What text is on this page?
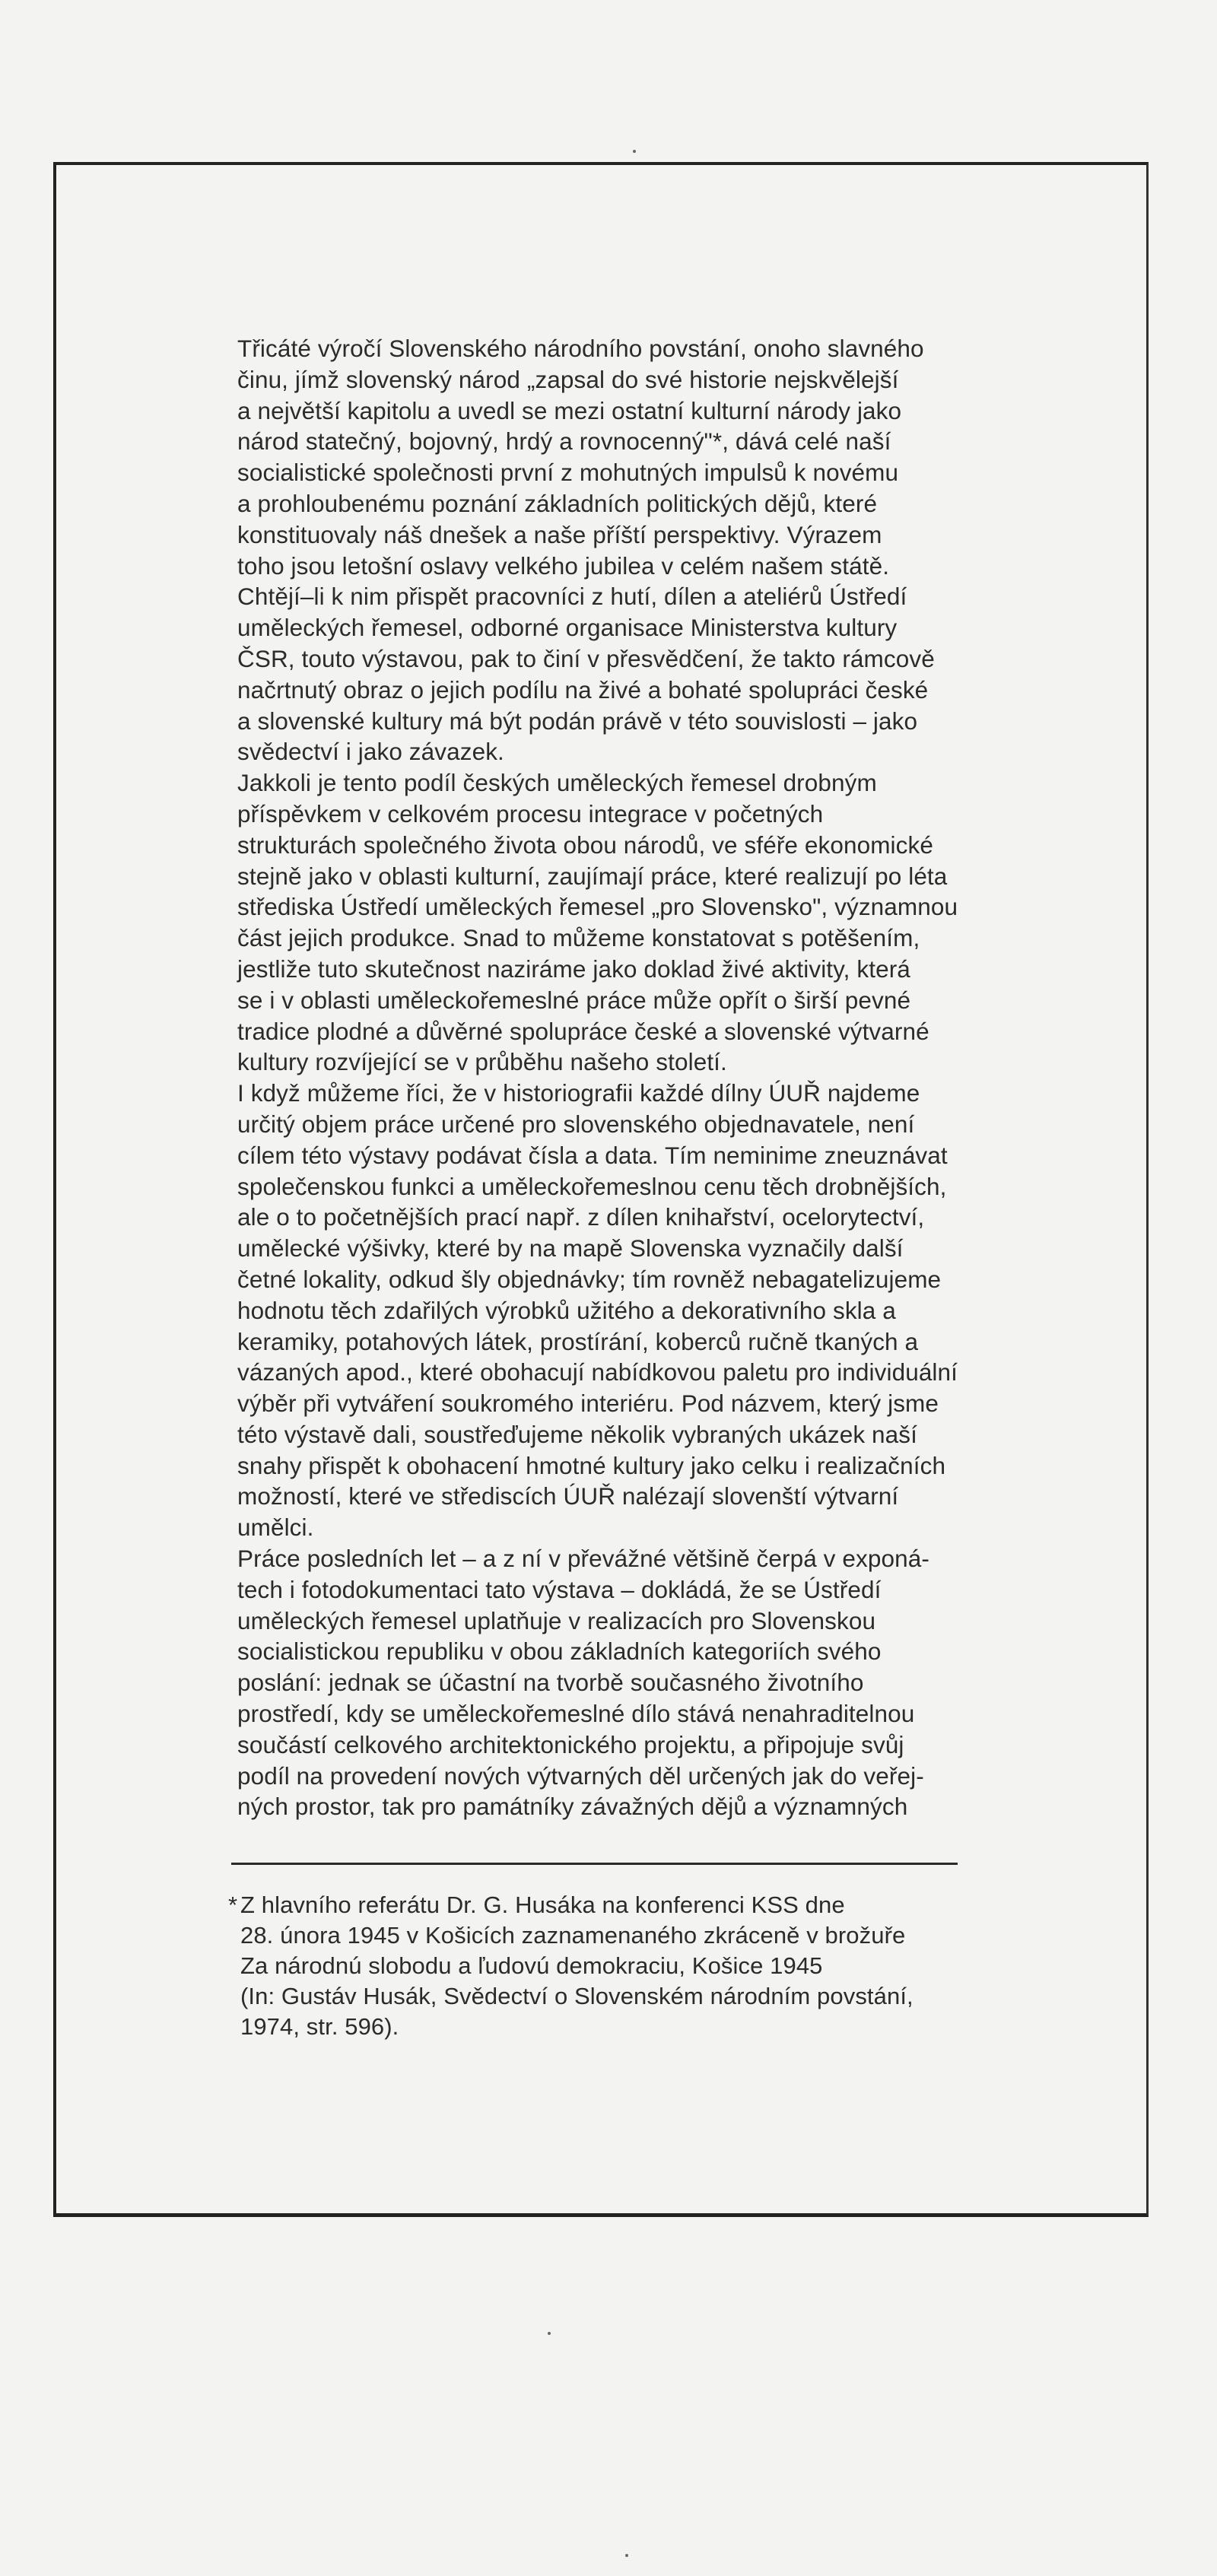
Třicáté výročí Slovenského národního povstání, onoho slavného
činu, jímž slovenský národ „zapsal do své historie nejskvělejší
a největší kapitolu a uvedl se mezi ostatní kulturní národy jako
národ statečný, bojovný, hrdý a rovnocenný"*, dává celé naší
socialistické společnosti první z mohutných impulsů k novému
a prohloubenému poznání základních politických dějů, které
konstituovaly náš dnešek a naše příští perspektivy. Výrazem
toho jsou letošní oslavy velkého jubilea v celém našem státě.
Chtějí–li k nim přispět pracovníci z hutí, dílen a ateliérů Ústředí
uměleckých řemesel, odborné organisace Ministerstva kultury
ČSR, touto výstavou, pak to činí v přesvědčení, že takto rámcově
načrtnutý obraz o jejich podílu na živé a bohaté spolupráci české
a slovenské kultury má být podán právě v této souvislosti – jako
svědectví i jako závazek.
Jakkoli je tento podíl českých uměleckých řemesel drobným
příspěvkem v celkovém procesu integrace v početných
strukturách společného života obou národů, ve sféře ekonomické
stejně jako v oblasti kulturní, zaujímají práce, které realizují po léta
střediska Ústředí uměleckých řemesel „pro Slovensko", významnou
část jejich produkce. Snad to můžeme konstatovat s potěšením,
jestliže tuto skutečnost naziráme jako doklad živé aktivity, která
se i v oblasti uměleckořemeslné práce může opřít o širší pevné
tradice plodné a důvěrné spolupráce české a slovenské výtvarné
kultury rozvíjející se v průběhu našeho století.
I když můžeme říci, že v historiografii každé dílny ÚUŘ najdeme
určitý objem práce určené pro slovenského objednavatele, není
cílem této výstavy podávat čísla a data. Tím neminime zneuznávat
společenskou funkci a uměleckořemeslnou cenu těch drobnějších,
ale o to početnějších prací např. z dílen knihařství, ocelorytectví,
umělecké výšivky, které by na mapě Slovenska vyznačily další
četné lokality, odkud šly objednávky; tím rovněž nebagatelizujeme
hodnotu těch zdařilých výrobků užitého a dekorativního skla a
keramiky, potahových látek, prostírání, koberců ručně tkaných a
vázaných apod., které obohacují nabídkovou paletu pro individuální
výběr při vytváření soukromého interiéru. Pod názvem, který jsme
této výstavě dali, soustřeďujeme několik vybraných ukázek naší
snahy přispět k obohacení hmotné kultury jako celku i realizačních
možností, které ve střediscích ÚUŘ nalézají slovenští výtvarní
umělci.
Práce posledních let – a z ní v převážné většině čerpá v exponá-
tech i fotodokumentaci tato výstava – dokládá, že se Ústředí
uměleckých řemesel uplatňuje v realizacích pro Slovenskou
socialistickou republiku v obou základních kategoriích svého
poslání: jednak se účastní na tvorbě současného životního
prostředí, kdy se uměleckořemeslné dílo stává nenahraditelnou
součástí celkového architektonického projektu, a připojuje svůj
podíl na provedení nových výtvarných děl určených jak do veřej-
ných prostor, tak pro památníky závažných dějů a významných
* Z hlavního referátu Dr. G. Husáka na konferenci KSS dne
28. února 1945 v Košicích zaznamenaného zkráceně v brožuře
Za národnú slobodu a ľudovú demokraciu, Košice 1945
(In: Gustáv Husák, Svědectví o Slovenském národním povstání,
1974, str. 596).
